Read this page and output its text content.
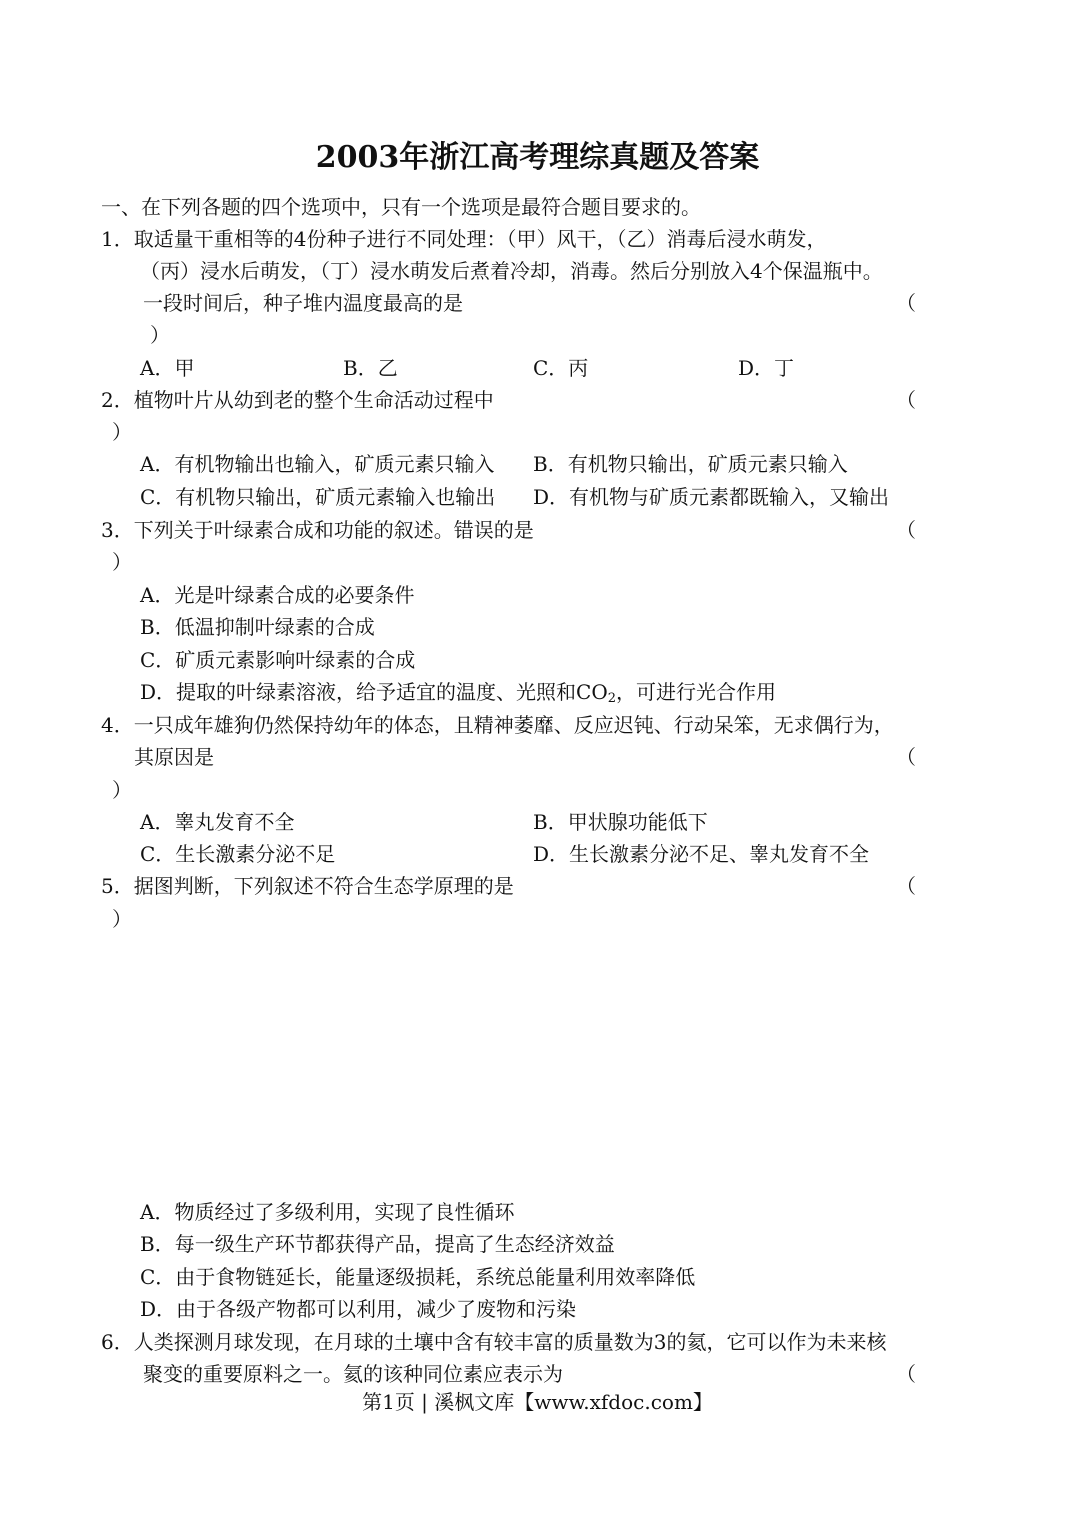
2003年浙江高考理综真题及答案
一、在下列各题的四个选项中，只有一个选项是最符合题目要求的。
1．取适量干重相等的4份种子进行不同处理：（甲）风干，（乙）消毒后浸水萌发，
（丙）浸水后萌发，（丁）浸水萌发后煮着冷却，消毒。然后分别放入4个保温瓶中。
一段时间后，种子堆内温度最高的是	（
）
A．甲	B．乙	C．丙	D．丁
2．植物叶片从幼到老的整个生命活动过程中	（
）
A．有机物输出也输入，矿质元素只输入 B．有机物只输出，矿质元素只输入
C．有机物只输出，矿质元素输入也输出 D．有机物与矿质元素都既输入，又输出
3．下列关于叶绿素合成和功能的叙述。错误的是	（
）
A．光是叶绿素合成的必要条件
B．低温抑制叶绿素的合成
C．矿质元素影响叶绿素的合成
D．提取的叶绿素溶液，给予适宜的温度、光照和$CO_2$，可进行光合作用
4．一只成年雄狗仍然保持幼年的体态，且精神萎靡、反应迟钝、行动呆笨，无求偶行为，
其原因是	（
）
A．睾丸发育不全	B．甲状腺功能低下
C．生长激素分泌不足	D．生长激素分泌不足、睾丸发育不全
5．据图判断，下列叙述不符合生态学原理的是	（
）
A．物质经过了多级利用，实现了良性循环
B．每一级生产环节都获得产品，提高了生态经济效益
C．由于食物链延长，能量逐级损耗，系统总能量利用效率降低
D．由于各级产物都可以利用，减少了废物和污染
6．人类探测月球发现，在月球的土壤中含有较丰富的质量数为3的氦，它可以作为未来核
聚变的重要原料之一。氦的该种同位素应表示为	（
第1页 | 溪枫文库【www.xfdoc.com】
